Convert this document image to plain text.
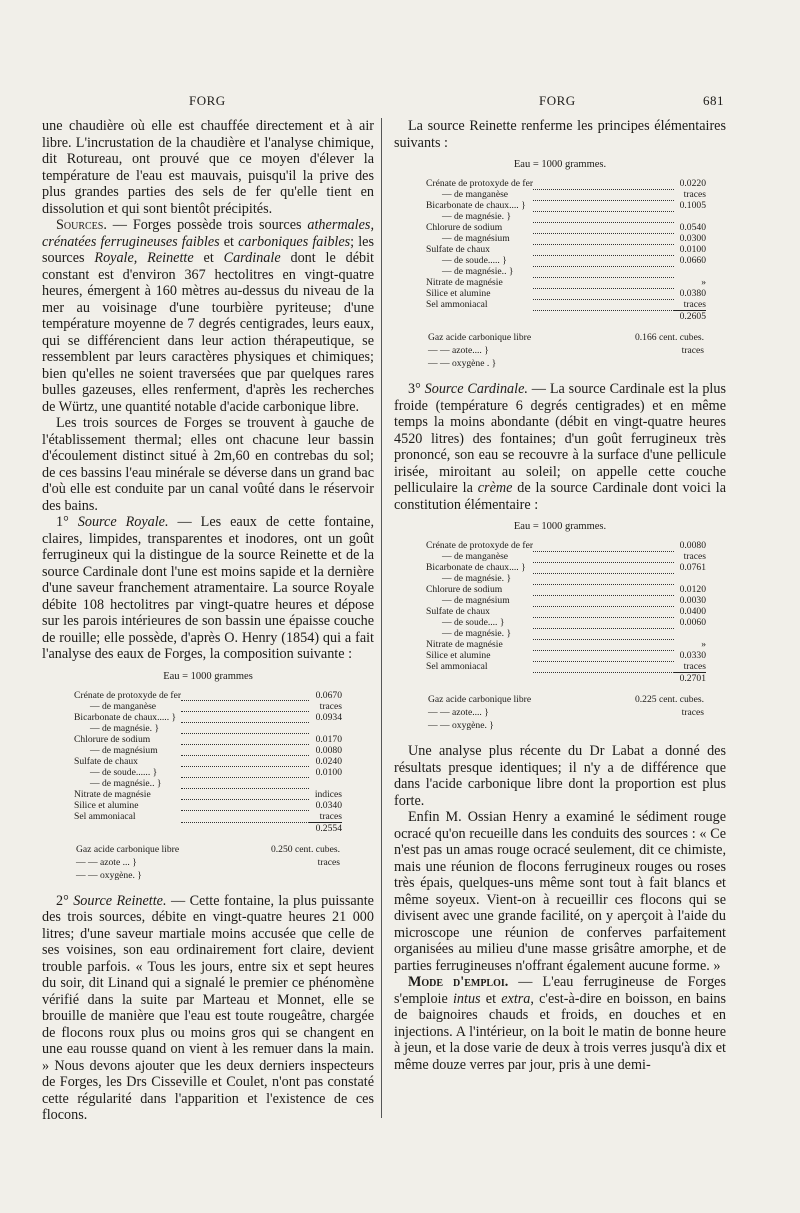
FORG	FORG	681

une chaudière où elle est chauffée directement et à air libre. L'incrustation de la chaudière et l'analyse chimique, dit Rotureau, ont prouvé que ce moyen d'élever la température de l'eau est mauvais, puisqu'il la prive des plus grandes parties des sels de fer qu'elle tient en dissolution et qui sont bientôt précipités.

Sources. — Forges possède trois sources athermales, crénatées ferrugineuses faibles et carboniques faibles; les sources Royale, Reinette et Cardinale dont le débit constant est d'environ 367 hectolitres en vingt-quatre heures, émergent à 160 mètres au-dessus du niveau de la mer au voisinage d'une tourbière pyriteuse; d'une température moyenne de 7 degrés centigrades, leurs eaux, qui se différencient dans leur action thérapeutique, se ressemblent par leurs caractères physiques et chimiques; bien qu'elles ne soient traversées que par quelques rares bulles gazeuses, elles renferment, d'après les recherches de Würtz, une quantité notable d'acide carbonique libre.

Les trois sources de Forges se trouvent à gauche de l'établissement thermal; elles ont chacune leur bassin d'écoulement distinct situé à 2m,60 en contrebas du sol; de ces bassins l'eau minérale se déverse dans un grand bac d'où elle est conduite par un canal voûté dans le réservoir des bains.

1° Source Royale. — Les eaux de cette fontaine, claires, limpides, transparentes et inodores, ont un goût ferrugineux qui la distingue de la source Reinette et de la source Cardinale dont l'une est moins sapide et la dernière d'une saveur franchement atramentaire. La source Royale débite 108 hectolitres par vingt-quatre heures et dépose sur les parois intérieures de son bassin une épaisse couche de rouille; elle possède, d'après O. Henry (1854) qui a fait l'analyse des eaux de Forges, la composition suivante :

Eau = 1000 grammes
Crénate de protoxyde de fer		0.0670
— de manganèse		traces
Bicarbonate de chaux..... }		0.0934
— de magnésie. }		
Chlorure de sodium		0.0170
— de magnésium		0.0080
Sulfate de chaux		0.0240
— de soude...... }		0.0100
— de magnésie.. }		
Nitrate de magnésie		indices
Silice et alumine		0.0340
Sel ammoniacal		traces
		0.2554
Gaz acide carbonique libre	0.250 cent. cubes.
— — azote ... }	traces
— — oxygène. }	

2° Source Reinette. — Cette fontaine, la plus puissante des trois sources, débite en vingt-quatre heures 21 000 litres; d'une saveur martiale moins accusée que celle de ses voisines, son eau ordinairement fort claire, devient trouble parfois. « Tous les jours, entre six et sept heures du soir, dit Linand qui a signalé le premier ce phénomène vérifié dans la suite par Marteau et Monnet, elle se brouille de manière que l'eau est toute rougeâtre, chargée de flocons roux plus ou moins gros qui se changent en une eau rousse quand on vient à les remuer dans la main. » Nous devons ajouter que les deux derniers inspecteurs de Forges, les Drs Cisseville et Coulet, n'ont pas constaté cette régularité dans l'apparition et l'existence de ces flocons.

La source Reinette renferme les principes élémentaires suivants :

Eau = 1000 grammes.
Crénate de protoxyde de fer		0.0220
— de manganèse		traces
Bicarbonate de chaux.... }		0.1005
— de magnésie. }		
Chlorure de sodium		0.0540
— de magnésium		0.0300
Sulfate de chaux		0.0100
— de soude..... }		0.0660
— de magnésie.. }		
Nitrate de magnésie		»
Silice et alumine		0.0380
Sel ammoniacal		traces
		0.2605
Gaz acide carbonique libre	0.166 cent. cubes.
— — azote.... }	traces
— — oxygène . }	

3° Source Cardinale. — La source Cardinale est la plus froide (température 6 degrés centigrades) et en même temps la moins abondante (débit en vingt-quatre heures 4520 litres) des fontaines; d'un goût ferrugineux très prononcé, son eau se recouvre à la surface d'une pellicule irisée, miroitant au soleil; on appelle cette couche pelliculaire la crème de la source Cardinale dont voici la constitution élémentaire :

Eau = 1000 grammes.
Crénate de protoxyde de fer		0.0080
— de manganèse		traces
Bicarbonate de chaux.... }		0.0761
— de magnésie. }		
Chlorure de sodium		0.0120
— de magnésium		0.0030
Sulfate de chaux		0.0400
— de soude.... }		0.0060
— de magnésie. }		
Nitrate de magnésie		»
Silice et alumine		0.0330
Sel ammoniacal		traces
		0.2701
Gaz acide carbonique libre	0.225 cent. cubes.
— — azote.... }	traces
— — oxygène. }	

Une analyse plus récente du Dr Labat a donné des résultats presque identiques; il n'y a de différence que dans l'acide carbonique libre dont la proportion est plus forte.

Enfin M. Ossian Henry a examiné le sédiment rouge ocracé qu'on recueille dans les conduits des sources : « Ce n'est pas un amas rouge ocracé seulement, dit ce chimiste, mais une réunion de flocons ferrugineux rouges ou roses très épais, quelques-uns même sont tout à fait blancs et même soyeux. Vient-on à recueillir ces flocons qui se divisent avec une grande facilité, on y aperçoit à l'aide du microscope une réunion de conferves parfaitement organisées au milieu d'une masse grisâtre amorphe, et de parties ferrugineuses n'offrant également aucune forme. »

Mode d'emploi. — L'eau ferrugineuse de Forges s'emploie intus et extra, c'est-à-dire en boisson, en bains de baignoires chauds et froids, en douches et en injections. A l'intérieur, on la boit le matin de bonne heure à jeun, et la dose varie de deux à trois verres jusqu'à dix et même douze verres par jour, pris à une demi-
